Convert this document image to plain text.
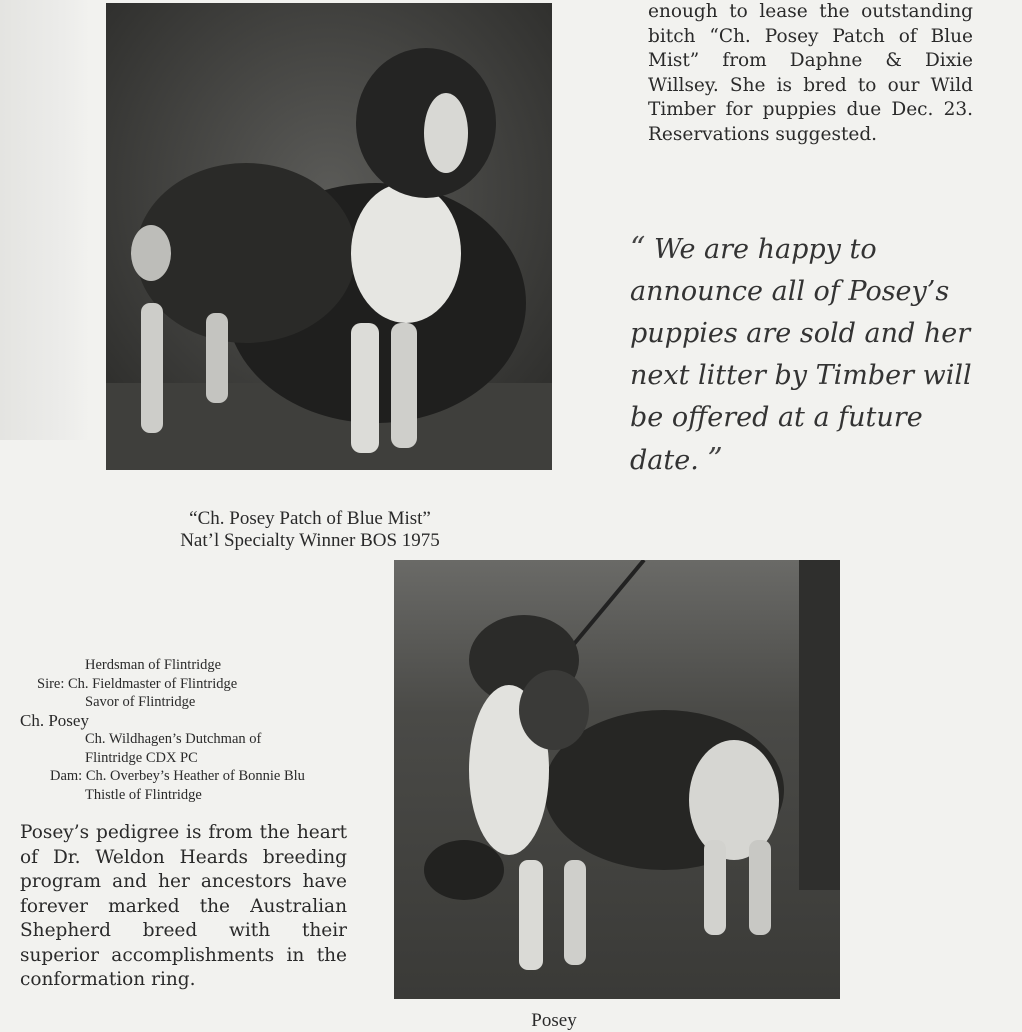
enough to lease the outstanding bitch “Ch. Posey Patch of Blue Mist” from Daphne & Dixie Willsey. She is bred to our Wild Timber for puppies due Dec. 23. Reservations suggested.

“ We are happy to announce all of Posey’s puppies are sold and her next litter by Timber will be offered at a future date. ”

“Ch. Posey Patch of Blue Mist”
Nat’l Specialty Winner BOS 1975
Herdsman of Flintridge
Sire: Ch. Fieldmaster of Flintridge
Savor of Flintridge
Ch. Posey
Ch. Wildhagen’s Dutchman of
Flintridge CDX PC
Dam: Ch. Overbey’s Heather of Bonnie Blu
Thistle of Flintridge

Posey’s pedigree is from the heart of Dr. Weldon Heards breeding program and her ancestors have forever marked the Australian Shepherd breed with their superior accomplishments in the conformation ring.

Posey
